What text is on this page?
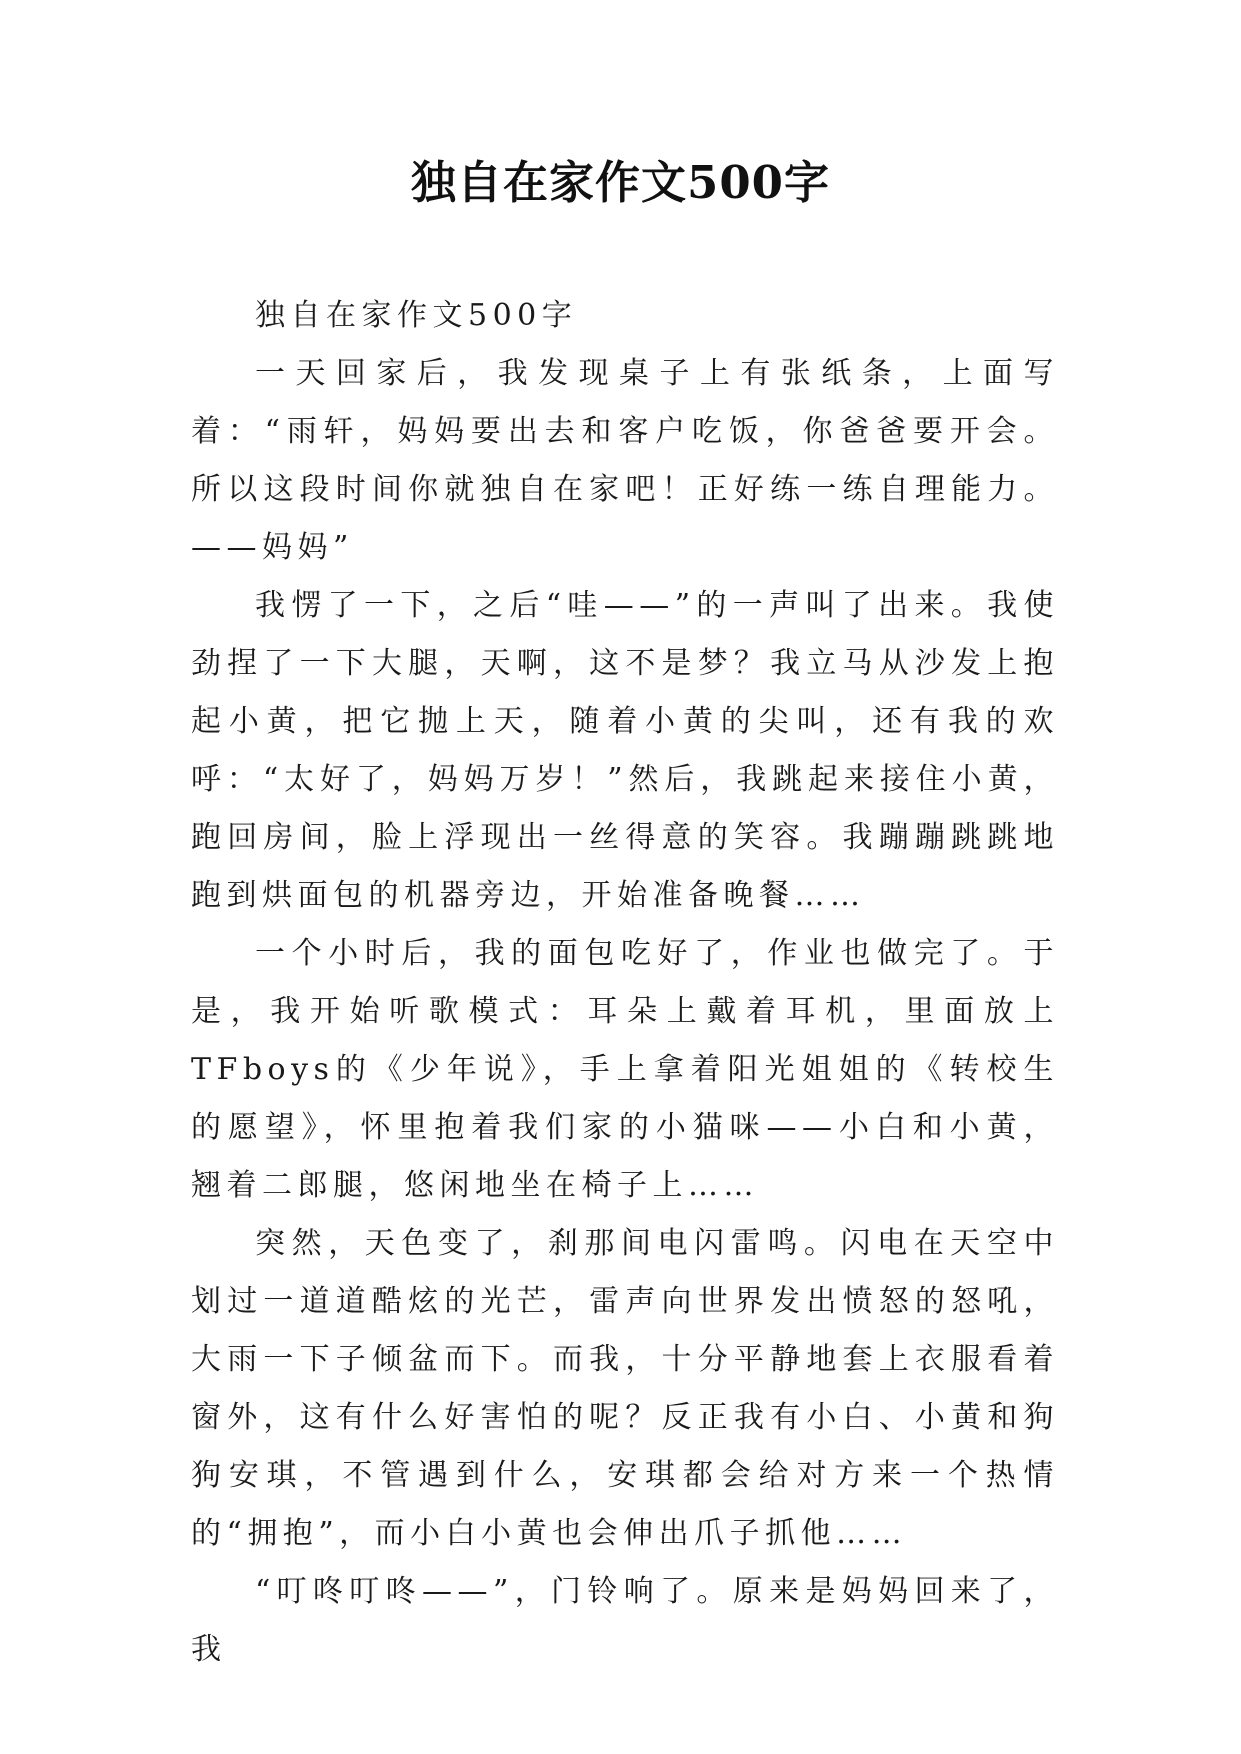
独自在家作文500字

独自在家作文500字

一天回家后，我发现桌子上有张纸条，上面写着：“雨轩，妈妈要出去和客户吃饭，你爸爸要开会。所以这段时间你就独自在家吧！正好练一练自理能力。——妈妈”

我愣了一下，之后“哇——”的一声叫了出来。我使劲捏了一下大腿，天啊，这不是梦？我立马从沙发上抱起小黄，把它抛上天，随着小黄的尖叫，还有我的欢呼：“太好了，妈妈万岁！”然后，我跳起来接住小黄，跑回房间，脸上浮现出一丝得意的笑容。我蹦蹦跳跳地跑到烘面包的机器旁边，开始准备晚餐……

一个小时后，我的面包吃好了，作业也做完了。于是，我开始听歌模式：耳朵上戴着耳机，里面放上TFboys的《少年说》，手上拿着阳光姐姐的《转校生的愿望》，怀里抱着我们家的小猫咪——小白和小黄，翘着二郎腿，悠闲地坐在椅子上……

突然，天色变了，刹那间电闪雷鸣。闪电在天空中划过一道道酷炫的光芒，雷声向世界发出愤怒的怒吼，大雨一下子倾盆而下。而我，十分平静地套上衣服看着窗外，这有什么好害怕的呢？反正我有小白、小黄和狗狗安琪，不管遇到什么，安琪都会给对方来一个热情的“拥抱”，而小白小黄也会伸出爪子抓他……

“叮咚叮咚——”，门铃响了。原来是妈妈回来了，我
